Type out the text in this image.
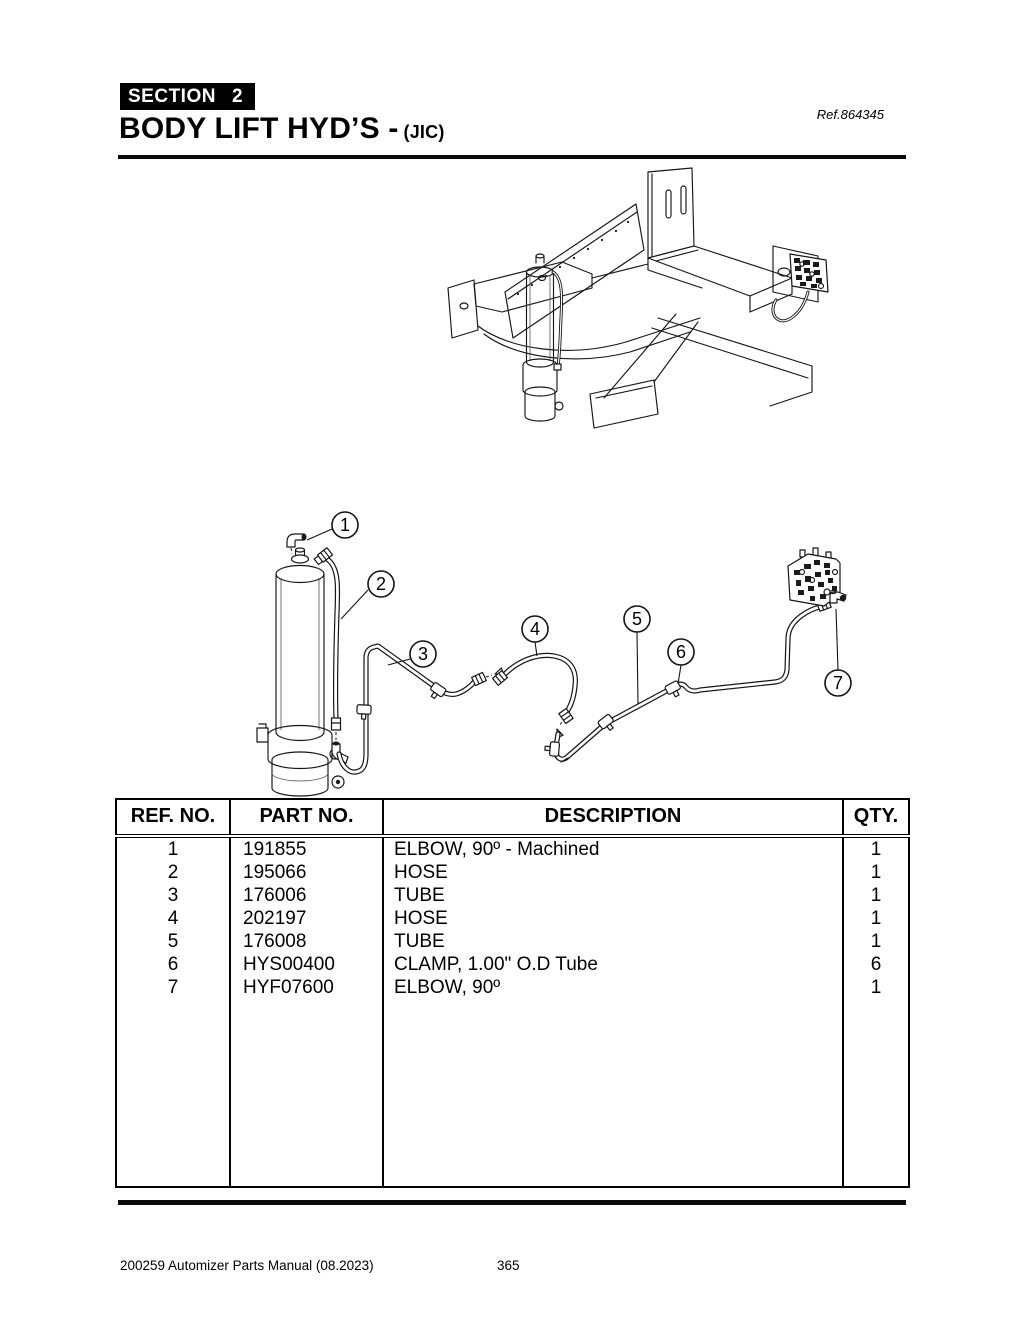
SECTION 2
BODY LIFT HYD’S - (JIC)
Ref.864345
1
2
3
4	5
6
7
REF. NO.	PART NO.	DESCRIPTION	QTY.
1	191855	ELBOW, 90º - Machined	1
2	195066	HOSE	1
3	176006	TUBE	1
4	202197	HOSE	1
5	176008	TUBE	1
6	HYS00400	CLAMP, 1.00" O.D Tube	6
7	HYF07600	ELBOW, 90º	1

200259 Automizer Parts Manual (08.2023)	365
